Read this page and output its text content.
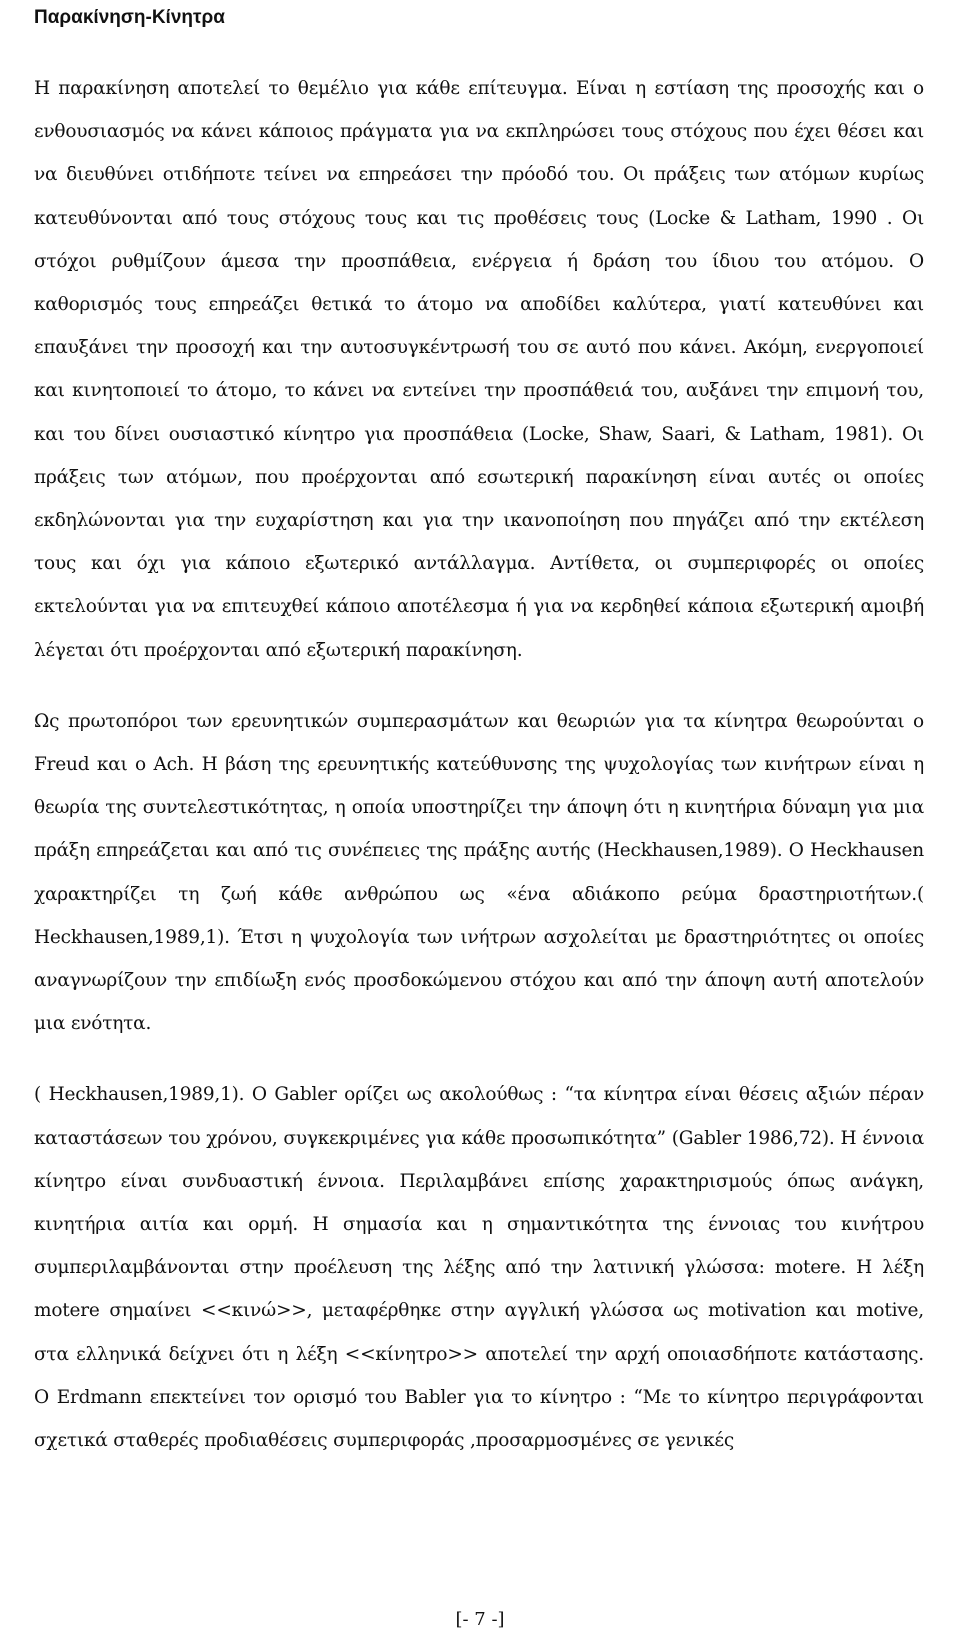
Παρακίνηση-Κίνητρα

Η παρακίνηση αποτελεί το θεμέλιο για κάθε επίτευγμα. Είναι η εστίαση της προσοχής και ο ενθουσιασμός να κάνει κάποιος πράγματα για να εκπληρώσει τους στόχους που έχει θέσει και να διευθύνει οτιδήποτε τείνει να επηρεάσει την πρόοδό του. Οι πράξεις των ατόμων κυρίως κατευθύνονται από τους στόχους τους και τις προθέσεις τους (Locke & Latham, 1990 . Οι στόχοι ρυθμίζουν άμεσα την προσπάθεια, ενέργεια ή δράση του ίδιου του ατόμου. Ο καθορισμός τους επηρεάζει θετικά το άτομο να αποδίδει καλύτερα, γιατί κατευθύνει και επαυξάνει την προσοχή και την αυτοσυγκέντρωσή του σε αυτό που κάνει. Ακόμη, ενεργοποιεί και κινητοποιεί το άτομο, το κάνει να εντείνει την προσπάθειά του, αυξάνει την επιμονή του, και του δίνει ουσιαστικό κίνητρο για προσπάθεια (Locke, Shaw, Saari, & Latham, 1981). Οι πράξεις των ατόμων, που προέρχονται από εσωτερική παρακίνηση είναι αυτές οι οποίες εκδηλώνονται για την ευχαρίστηση και για την ικανοποίηση που πηγάζει από την εκτέλεση τους και όχι για κάποιο εξωτερικό αντάλλαγμα. Αντίθετα, οι συμπεριφορές οι οποίες εκτελούνται για να επιτευχθεί κάποιο αποτέλεσμα ή για να κερδηθεί κάποια εξωτερική αμοιβή λέγεται ότι προέρχονται από εξωτερική παρακίνηση.

Ως πρωτοπόροι των ερευνητικών συμπερασμάτων και θεωριών για τα κίνητρα θεωρούνται ο Freud και ο Ach. Η βάση της ερευνητικής κατεύθυνσης της ψυχολογίας των κινήτρων είναι η θεωρία της συντελεστικότητας, η οποία υποστηρίζει την άποψη ότι η κινητήρια δύναμη για μια πράξη επηρεάζεται και από τις συνέπειες της πράξης αυτής (Heckhausen,1989). Ο Heckhausen χαρακτηρίζει τη ζωή κάθε ανθρώπου ως «ένα αδιάκοπο ρεύμα δραστηριοτήτων.( Heckhausen,1989,1). Έτσι η ψυχολογία των ινήτρων ασχολείται με δραστηριότητες οι οποίες αναγνωρίζουν την επιδίωξη ενός προσδοκώμενου στόχου και από την άποψη αυτή αποτελούν μια ενότητα.

( Heckhausen,1989,1). Ο Gabler ορίζει ως ακολούθως : “τα κίνητρα είναι θέσεις αξιών πέραν καταστάσεων του χρόνου, συγκεκριμένες για κάθε προσωπικότητα” (Gabler 1986,72). Η έννοια κίνητρο είναι συνδυαστική έννοια. Περιλαμβάνει επίσης χαρακτηρισμούς όπως ανάγκη, κινητήρια αιτία και ορμή. Η σημασία και η σημαντικότητα της έννοιας του κινήτρου συμπεριλαμβάνονται στην προέλευση της λέξης από την λατινική γλώσσα: motere. Η λέξη motere σημαίνει <<κινώ>>, μεταφέρθηκε στην αγγλική γλώσσα ως motivation και motive, στα ελληνικά δείχνει ότι η λέξη <<κίνητρο>> αποτελεί την αρχή οποιασδήποτε κατάστασης. Ο Erdmann επεκτείνει τον ορισμό του Babler για το κίνητρο : “Με το κίνητρο περιγράφονται σχετικά σταθερές προδιαθέσεις συμπεριφοράς ,προσαρμοσμένες σε γενικές

[- 7 -]
